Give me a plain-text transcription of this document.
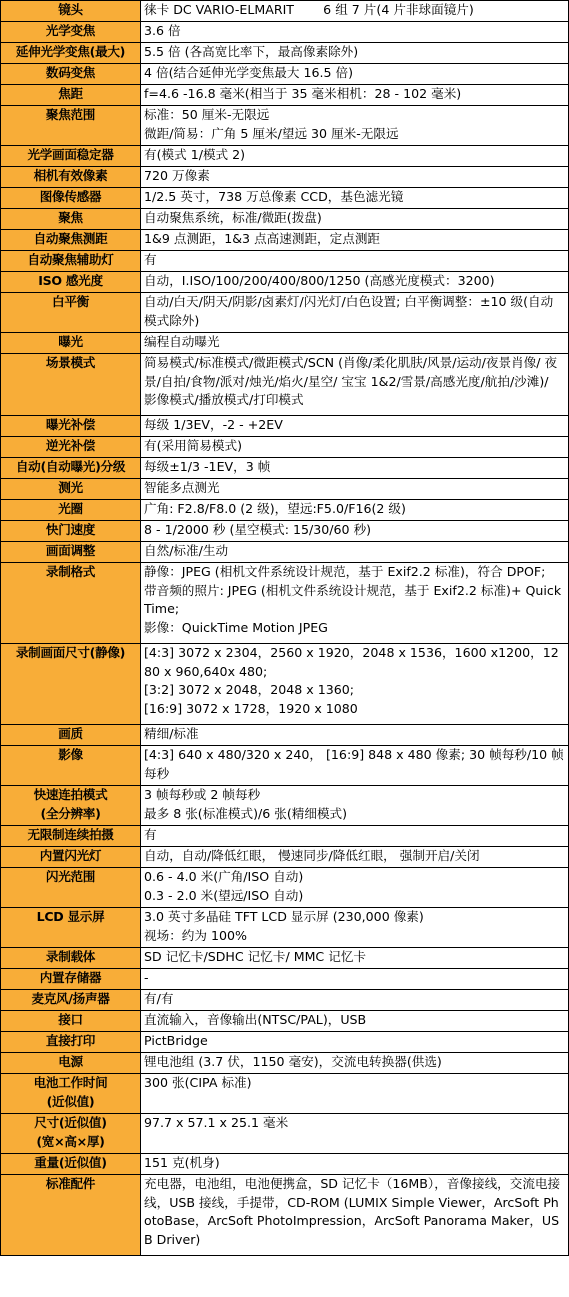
镜头	徕卡 DC VARIO-ELMARIT 　　6 组 7 片(4 片非球面镜片)

光学变焦	3.6 倍

延伸光学变焦(最大)	5.5 倍 (各高宽比率下，最高像素除外)

数码变焦	4 倍(结合延伸光学变焦最大 16.5 倍)

焦距	f=4.6 -16.8 毫米(相当于 35 毫米相机：28 - 102 毫米)

聚焦范围	标准：50 厘米-无限远
微距/简易：广角 5 厘米/望远 30 厘米-无限远

光学画面稳定器	有(模式 1/模式 2)

相机有效像素	720 万像素

图像传感器	1/2.5 英寸，738 万总像素 CCD，基色滤光镜

聚焦	自动聚焦系统，标准/微距(拨盘)

自动聚焦测距	1&9 点测距，1&3 点高速测距，定点测距

自动聚焦辅助灯	有

ISO 感光度	自动，I.ISO/100/200/400/800/1250 (高感光度模式：3200)

白平衡	自动/白天/阴天/阴影/卤素灯/闪光灯/白色设置; 白平衡调整：±10 级(自动模式除外)

曝光	编程自动曝光

场景模式	简易模式/标准模式/微距模式/SCN (肖像/柔化肌肤/风景/运动/夜景肖像/ 夜景/自拍/食物/派对/烛光/焰火/星空/ 宝宝 1&2/雪景/高感光度/航拍/沙滩)/ 影像模式/播放模式/打印模式

曝光补偿	每级 1/3EV，-2 - +2EV

逆光补偿	有(采用简易模式)

自动(自动曝光)分级	每级±1/3 -1EV，3 帧

测光	智能多点测光

光圈	广角: F2.8/F8.0 (2 级)，望远:F5.0/F16(2 级)

快门速度	8 - 1/2000 秒 (星空模式: 15/30/60 秒)

画面调整	自然/标准/生动

录制格式	静像：JPEG (相机文件系统设计规范，基于 Exif2.2 标准)，符合 DPOF;
带音频的照片: JPEG (相机文件系统设计规范，基于 Exif2.2 标准)+ QuickTime;
影像：QuickTime Motion JPEG

录制画面尺寸(静像)	[4:3] 3072 x 2304，2560 x 1920，2048 x 1536，1600 x1200，1280 x 960,640x 480;
[3:2] 3072 x 2048，2048 x 1360;
[16:9] 3072 x 1728，1920 x 1080

画质	精细/标准

影像	[4:3] 640 x 480/320 x 240， [16:9] 848 x 480 像素; 30 帧每秒/10 帧每秒

快速连拍模式
(全分辨率)	3 帧每秒或 2 帧每秒
最多 8 张(标准模式)/6 张(精细模式)

无限制连续拍摄	有

内置闪光灯	自动，自动/降低红眼， 慢速同步/降低红眼， 强制开启/关闭

闪光范围	0.6 - 4.0 米(广角/ISO 自动)
0.3 - 2.0 米(望远/ISO 自动)

LCD 显示屏	3.0 英寸多晶硅 TFT LCD 显示屏 (230,000 像素)
视场：约为 100%

录制载体	SD 记忆卡/SDHC 记忆卡/ MMC 记忆卡

内置存储器	-

麦克风/扬声器	有/有

接口	直流输入，音像输出(NTSC/PAL)，USB

直接打印	PictBridge

电源	锂电池组 (3.7 伏，1150 毫安)，交流电转换器(供选)

电池工作时间
(近似值)	300 张(CIPA 标准)

尺寸(近似值)
(宽×高×厚)	97.7 x 57.1 x 25.1 毫米

重量(近似值)	151 克(机身)

标准配件	充电器，电池组，电池便携盒，SD 记忆卡（16MB），音像接线，交流电接线，USB 接线，手提带，CD-ROM (LUMIX Simple Viewer，ArcSoft PhotoBase，ArcSoft PhotoImpression，ArcSoft Panorama Maker，USB Driver)
